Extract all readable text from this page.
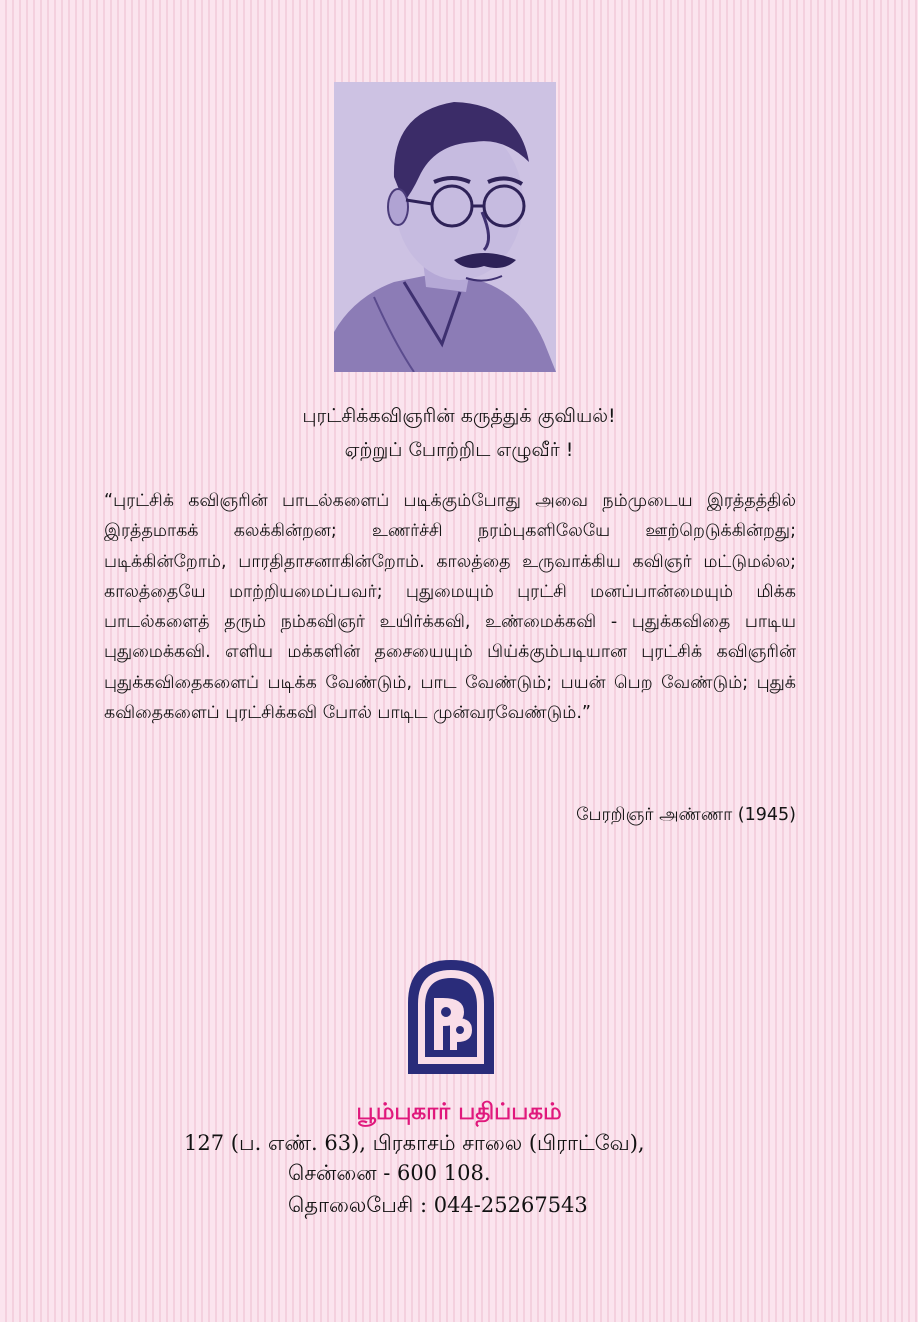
புரட்சிக்கவிஞரின் கருத்துக் குவியல்!
ஏற்றுப் போற்றிட எழுவீர் !
“புரட்சிக் கவிஞரின் பாடல்களைப் படிக்கும்போது அவை நம்முடைய இரத்தத்தில் இரத்தமாகக் கலக்கின்றன; உணர்ச்சி நரம்புகளிலேயே ஊற்றெடுக்கின்றது; படிக்கின்றோம், பாரதிதாசனாகின்றோம். காலத்தை உருவாக்கிய கவிஞர் மட்டுமல்ல; காலத்தையே மாற்றியமைப்பவர்; புதுமையும் புரட்சி மனப்பான்மையும் மிக்க பாடல்களைத் தரும் நம்கவிஞர் உயிர்க்கவி, உண்மைக்கவி - புதுக்கவிதை பாடிய புதுமைக்கவி. எளிய மக்களின் தசையையும் பிய்க்கும்படியான புரட்சிக் கவிஞரின் புதுக்கவிதைகளைப் படிக்க வேண்டும், பாட வேண்டும்; பயன் பெற வேண்டும்; புதுக் கவிதைகளைப் புரட்சிக்கவி போல் பாடிட முன்வரவேண்டும்.”
பேரறிஞர் அண்ணா (1945)
பூம்புகார் பதிப்பகம்
127 (ப. எண். 63), பிரகாசம் சாலை (பிராட்வே),
சென்னை - 600 108.
தொலைபேசி : 044-25267543
